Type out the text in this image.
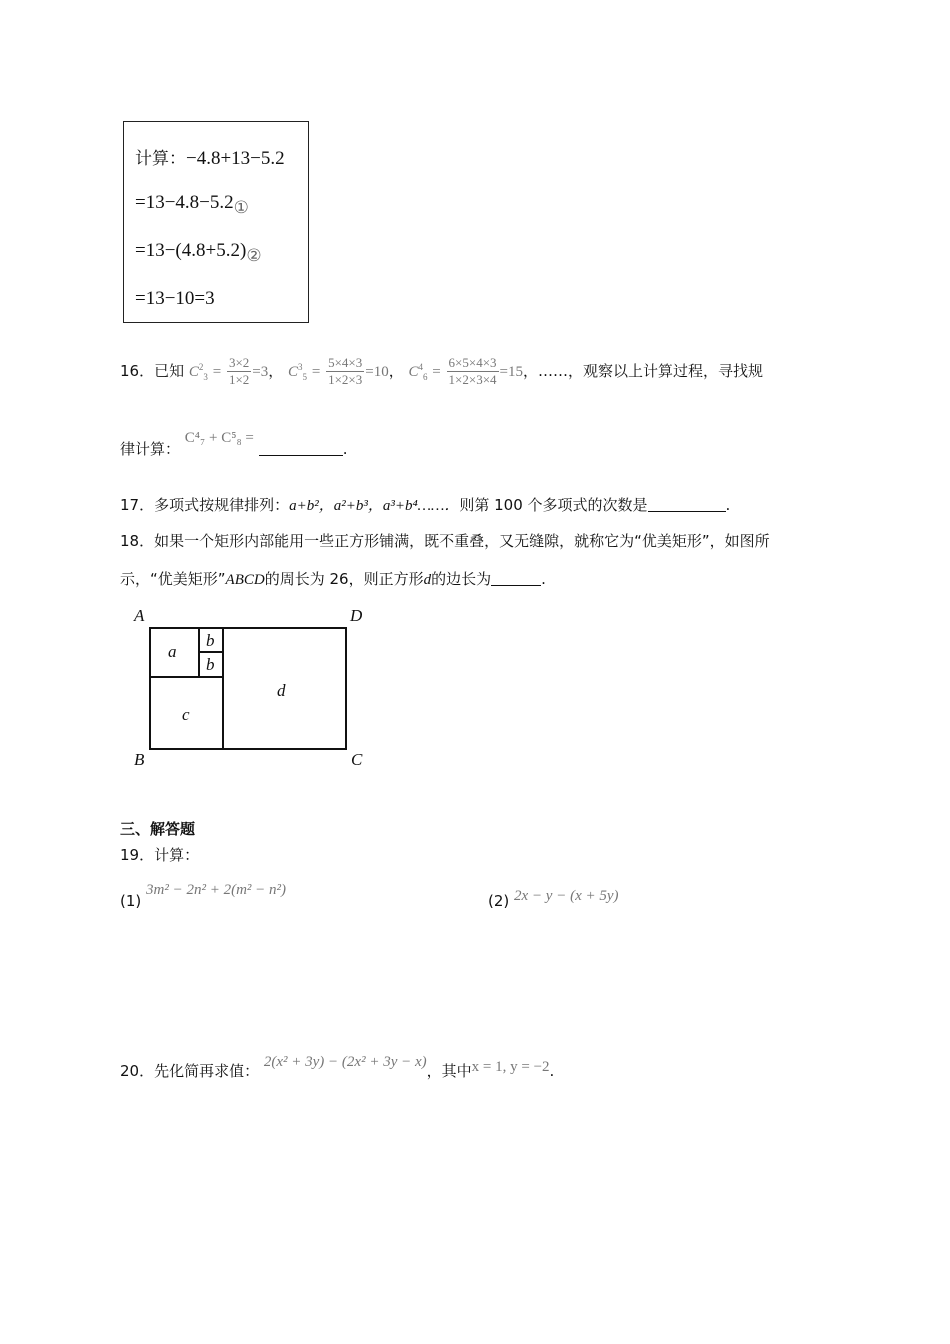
计算：−4.8+13−5.2
=13−4.8−5.2①
=13−(4.8+5.2)②
=13−10=3
16．已知 $C^2_3 = \frac{3\times 2}{1\times 2} =3$， $C^3_5 = \frac{5\times 4\times 3}{1\times 2\times 3} =10$， $C^4_6 = \frac{6\times 5\times 4\times 3}{1\times 2\times 3\times 4} =15$，……，观察以上计算过程，寻找规
律计算： C⁴₇ + C⁵₈ = .
17．多项式按规律排列：a+b²，a²+b³，a³+b⁴……．则第 100 个多项式的次数是	.
18．如果一个矩形内部能用一些正方形铺满，既不重叠，又无缝隙，就称它为“优美矩形”，如图所
示，“优美矩形”ABCD的周长为 26，则正方形d的边长为	.
A	D
B	C
a
b
b
c
d
三、解答题
19．计算：
(1) 3m² − 2n² + 2(m² − n²)
(2) 2x − y − (x + 5y)
20．先化简再求值： 2(x² + 3y) − (2x² + 3y − x)，其中x = 1, y = −2.
